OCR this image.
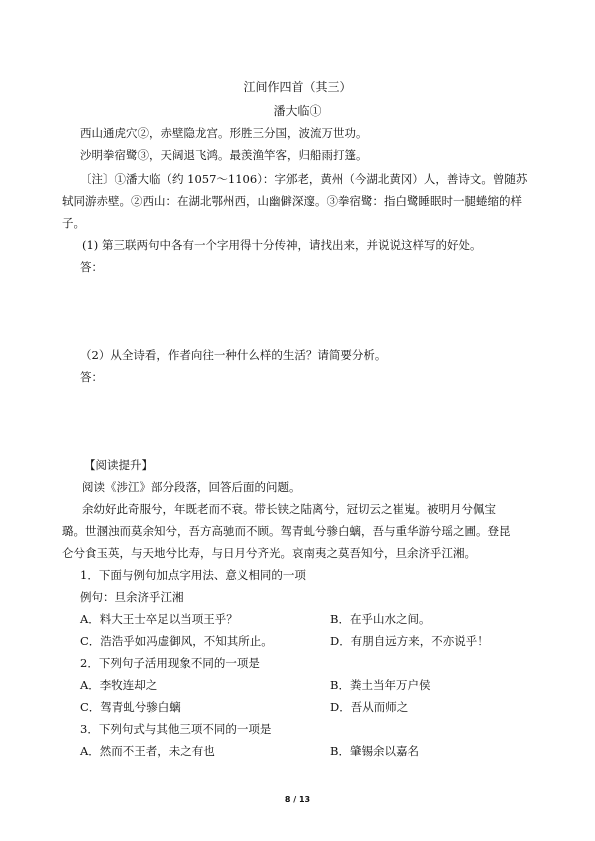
江间作四首（其三）
潘大临①
西山通虎穴②，赤壁隐龙宫。形胜三分国，波流万世功。
沙明拳宿鹭③，天阔退飞鸿。最羡渔竿客，归船雨打篷。
〔注〕①潘大临（约 1057～1106）：字邠老，黄州（今湖北黄冈）人，善诗文。曾随苏
轼同游赤壁。②西山：在湖北鄂州西，山幽僻深邃。③拳宿鹭：指白鹭睡眠时一腿蜷缩的样
子。
(1) 第三联两句中各有一个字用得十分传神，请找出来，并说说这样写的好处。
答：
（2）从全诗看，作者向往一种什么样的生活？请简要分析。
答：
【阅读提升】
阅读《涉江》部分段落，回答后面的问题。
余幼好此奇服兮，年既老而不衰。带长铗之陆离兮，冠切云之崔嵬。被明月兮佩宝
璐。世溷浊而莫余知兮，吾方高驰而不顾。驾青虬兮骖白螭，吾与重华游兮瑶之圃。登昆
仑兮食玉英，与天地兮比寿，与日月兮齐光。哀南夷之莫吾知兮，旦余济乎江湘。
1．下面与例句加点字用法、意义相同的一项
例句：旦余济乎江湘
A．料大王士卒足以当项王乎？	B．在乎山水之间。
C．浩浩乎如冯虚御风，不知其所止。	D．有朋自远方来，不亦说乎！
2．下列句子活用现象不同的一项是
A．李牧连却之	B．粪土当年万户侯
C．驾青虬兮骖白螭	D．吾从而师之
3．下列句式与其他三项不同的一项是
A．然而不王者，未之有也	B．肇锡余以嘉名
8 / 13
